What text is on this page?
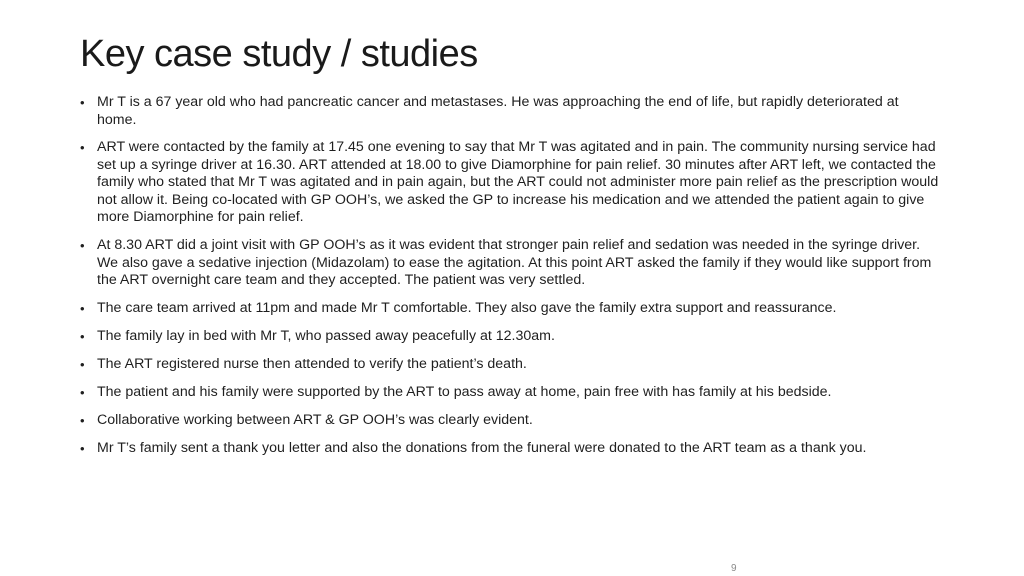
Key case study / studies
• Mr T is a 67 year old who had pancreatic cancer and metastases. He was approaching the end of life, but rapidly deteriorated at home.
• ART were contacted by the family at 17.45 one evening to say that Mr T was agitated and in pain. The community nursing service had set up a syringe driver at 16.30. ART attended at 18.00 to give Diamorphine for pain relief. 30 minutes after ART left, we contacted the family who stated that Mr T was agitated and in pain again, but the ART could not administer more pain relief as the prescription would not allow it. Being co-located with GP OOH’s, we asked the GP to increase his medication and we attended the patient again to give more Diamorphine for pain relief.
• At 8.30 ART did a joint visit with GP OOH’s as it was evident that stronger pain relief and sedation was needed in the syringe driver. We also gave a sedative injection (Midazolam) to ease the agitation. At this point ART asked the family if they would like support from the ART overnight care team and they accepted. The patient was very settled.
• The care team arrived at 11pm and made Mr T comfortable. They also gave the family extra support and reassurance.
• The family lay in bed with Mr T, who passed away peacefully at 12.30am.
• The ART registered nurse then attended to verify the patient’s death.
• The patient and his family were supported by the ART to pass away at home, pain free with has family at his bedside.
• Collaborative working between ART & GP OOH’s was clearly evident.
• Mr T’s family sent a thank you letter and also the donations from the funeral were donated to the ART team as a thank you.
9
